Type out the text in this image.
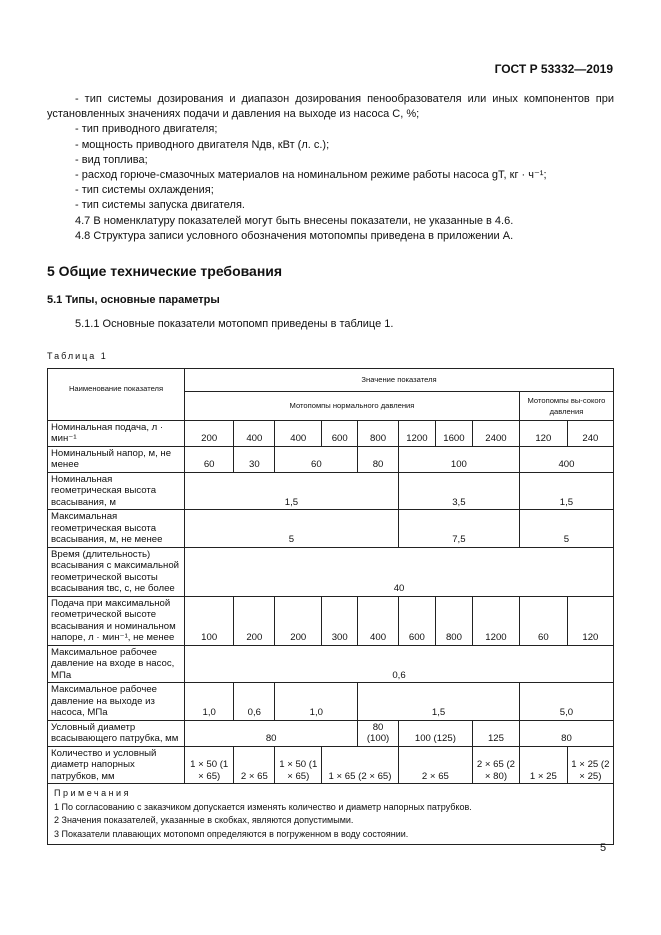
ГОСТ Р 53332—2019

- тип системы дозирования и диапазон дозирования пенообразователя или иных компонентов при установленных значениях подачи и давления на выходе из насоса С, %;

- тип приводного двигателя;

- мощность приводного двигателя Nдв, кВт (л. с.);

- вид топлива;

- расход горюче-смазочных материалов на номинальном режиме работы насоса gТ, кг · ч⁻¹;

- тип системы охлаждения;

- тип системы запуска двигателя.

4.7 В номенклатуру показателей могут быть внесены показатели, не указанные в 4.6.

4.8 Структура записи условного обозначения мотопомпы приведена в приложении А.

5 Общие технические требования
5.1 Типы, основные параметры

5.1.1 Основные показатели мотопомп приведены в таблице 1.

Таблица 1
Наименование показателя	Значение показателя									
	Мотопомпы нормального давления								Мотопомпы вы-сокого давления	
Номинальная подача, л · мин⁻¹	200	400	400	600	800	1200	1600	2400	120	240
Номинальный напор, м, не менее	60	30	60		80	100			400	
Номинальная геометрическая высота всасывания, м	1,5					3,5			1,5	
Максимальная геометрическая высота всасывания, м, не менее	5					7,5			5	
Время (длительность) всасывания с максимальной геометрической высоты всасывания tвс, с, не более	40									
Подача при максимальной геометрической высоте всасывания и номинальном напоре, л · мин⁻¹, не менее	100	200	200	300	400	600	800	1200	60	120
Максимальное рабочее давление на входе в насос, МПа	0,6									
Максимальное рабочее давление на выходе из насоса, МПа	1,0	0,6	1,0		1,5				5,0	
Условный диаметр всасывающего патрубка, мм	80				80 (100)	100 (125)		125	80	
Количество и условный диаметр напорных патрубков, мм	1 × 50 (1 × 65)	2 × 65	1 × 50 (1 × 65)	1 × 65 (2 × 65)		2 × 65		2 × 65 (2 × 80)	1 × 25	1 × 25 (2 × 25)

Примечания
1 По согласованию с заказчиком допускается изменять количество и диаметр напорных патрубков.
2 Значения показателей, указанные в скобках, являются допустимыми.
3 Показатели плавающих мотопомп определяются в погруженном в воду состоянии.										
5
